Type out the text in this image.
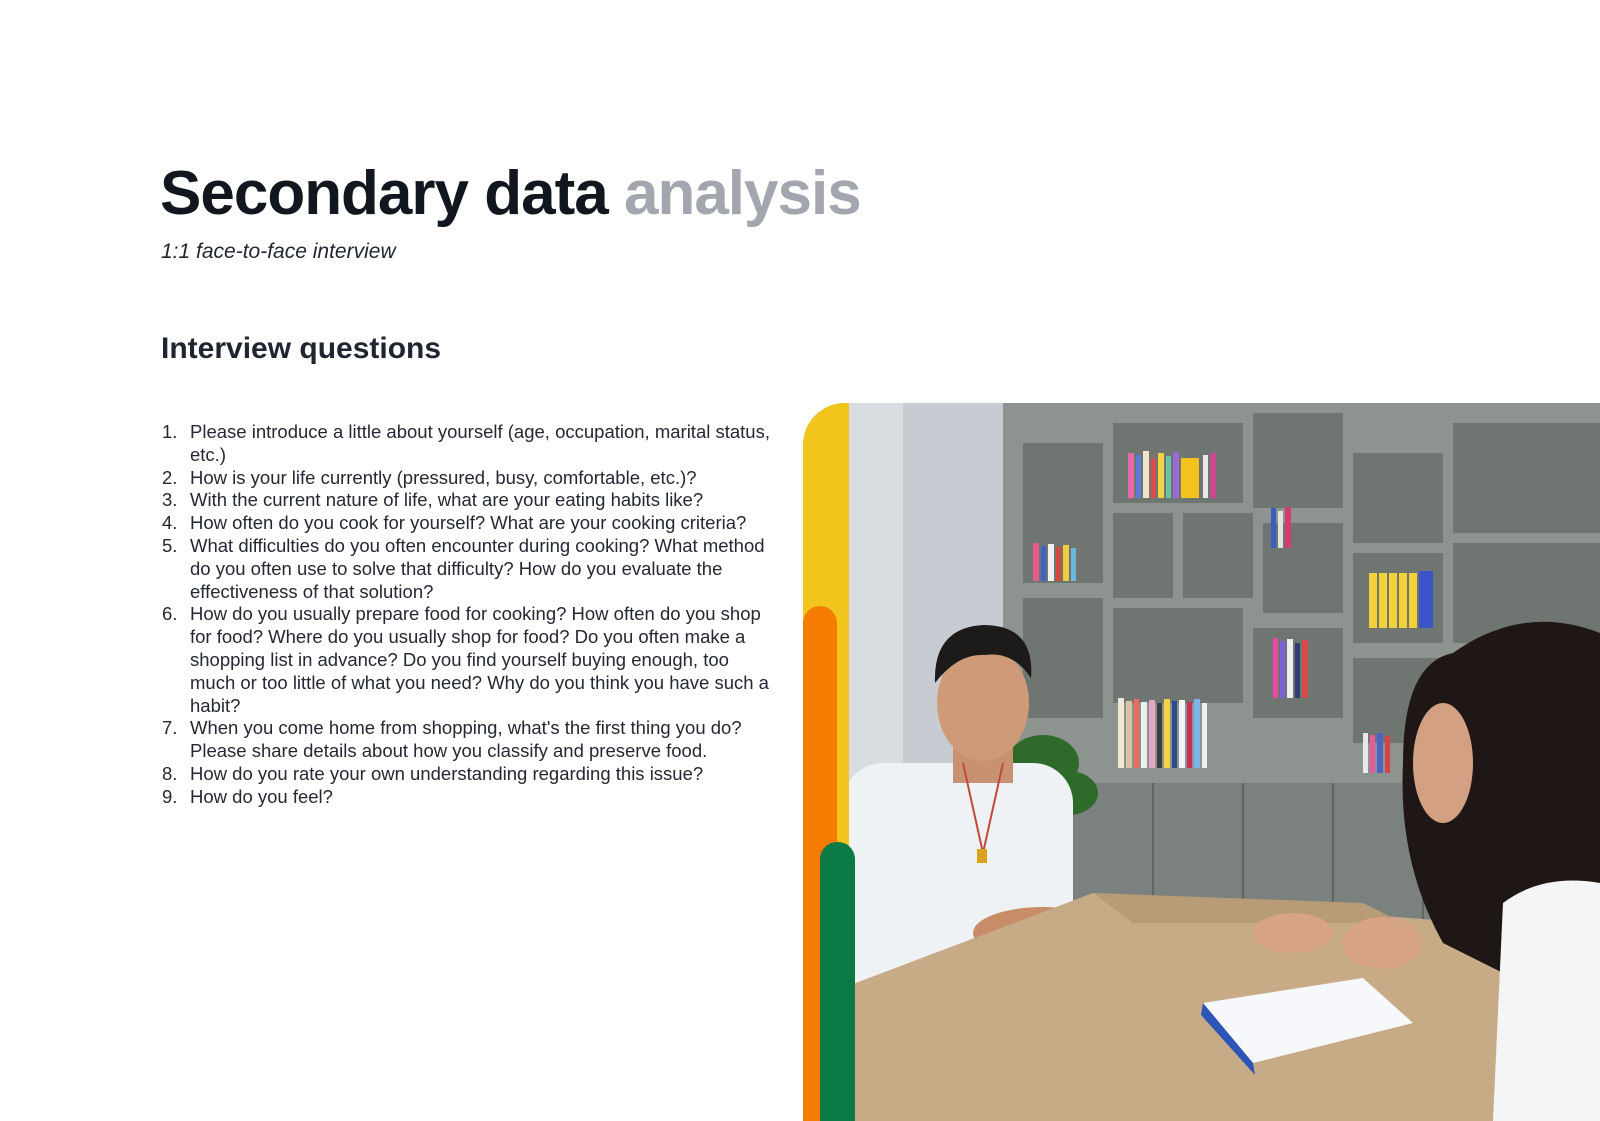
Secondary data analysis

1:1 face-to-face interview

Interview questions
1. Please introduce a little about yourself (age, occupation, marital status, etc.)
2. How is your life currently (pressured, busy, comfortable, etc.)?
3. With the current nature of life, what are your eating habits like?
4. How often do you cook for yourself? What are your cooking criteria?
5. What difficulties do you often encounter during cooking? What method do you often use to solve that difficulty? How do you evaluate the effectiveness of that solution?
6. How do you usually prepare food for cooking? How often do you shop for food? Where do you usually shop for food? Do you often make a shopping list in advance? Do you find yourself buying enough, too much or too little of what you need? Why do you think you have such a habit?
7. When you come home from shopping, what's the first thing you do? Please share details about how you classify and preserve food.
8. How do you rate your own understanding regarding this issue?
9. How do you feel?
